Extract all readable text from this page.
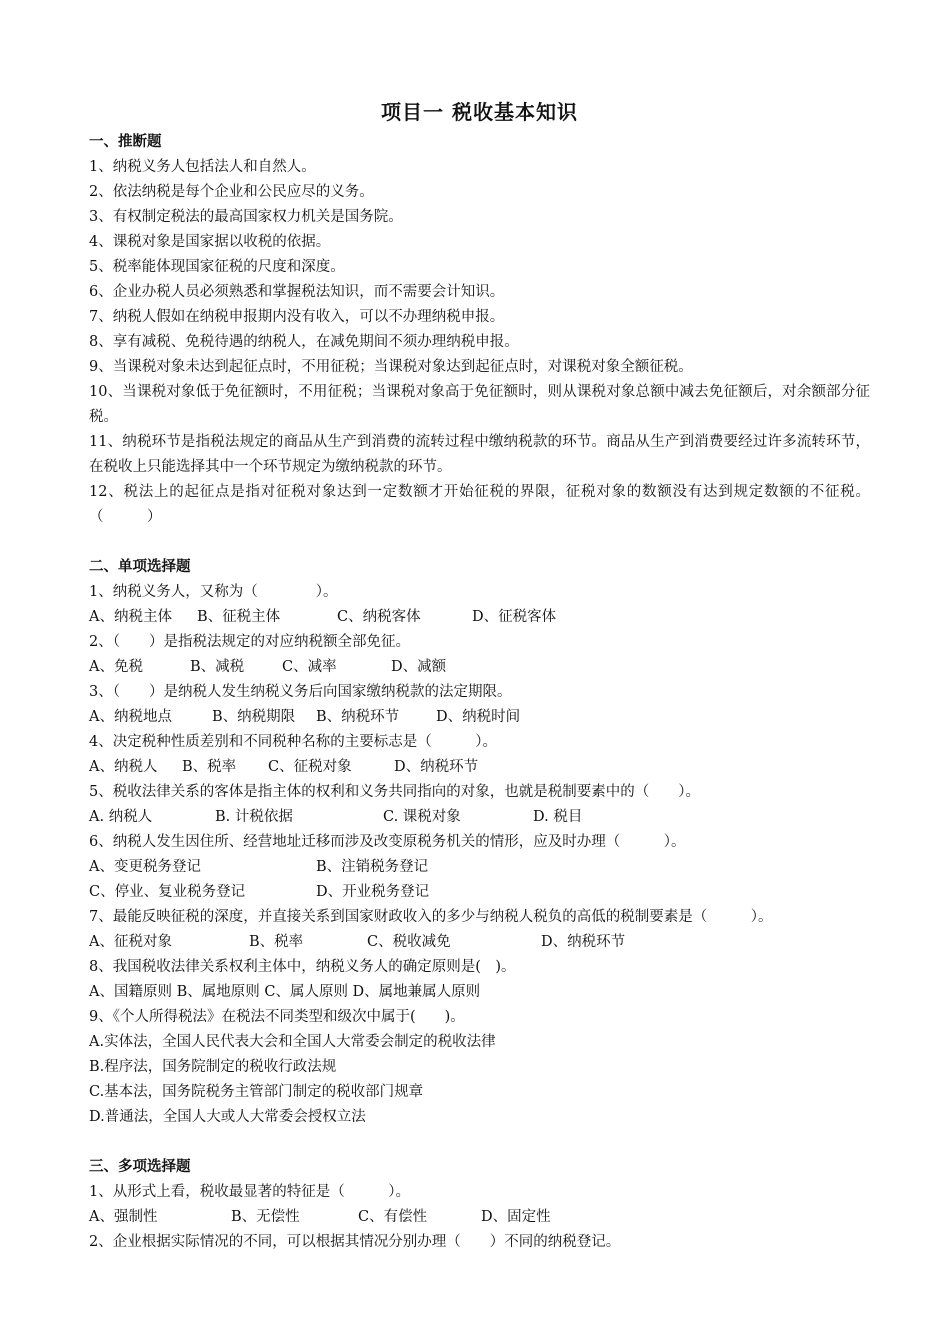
项目一 税收基本知识
一、推断题
1、纳税义务人包括法人和自然人。
2、依法纳税是每个企业和公民应尽的义务。
3、有权制定税法的最高国家权力机关是国务院。
4、课税对象是国家据以收税的依据。
5、税率能体现国家征税的尺度和深度。
6、企业办税人员必须熟悉和掌握税法知识，而不需要会计知识。
7、纳税人假如在纳税申报期内没有收入，可以不办理纳税申报。
8、享有减税、免税待遇的纳税人，在减免期间不须办理纳税申报。
9、当课税对象未达到起征点时，不用征税；当课税对象达到起征点时，对课税对象全额征税。
10、当课税对象低于免征额时，不用征税；当课税对象高于免征额时，则从课税对象总额中减去免征额后，对余额部分征税。
11、纳税环节是指税法规定的商品从生产到消费的流转过程中缴纳税款的环节。商品从生产到消费要经过许多流转环节，在税收上只能选择其中一个环节规定为缴纳税款的环节。
12、税法上的起征点是指对征税对象达到一定数额才开始征税的界限，征税对象的数额没有达到规定数额的不征税。（　　　）
二、单项选择题
1、纳税义务人，又称为（　　　　）。
A、纳税主体	B、征税主体	C、纳税客体	D、征税客体
2、（　　）是指税法规定的对应纳税额全部免征。
A、免税	B、减税	C、减率	D、减额
3、（　　）是纳税人发生纳税义务后向国家缴纳税款的法定期限。
A、纳税地点	B、纳税期限	B、纳税环节	D、纳税时间
4、决定税种性质差别和不同税种名称的主要标志是（　　　）。
A、纳税人	B、税率	C、征税对象	D、纳税环节
5、税收法律关系的客体是指主体的权利和义务共同指向的对象，也就是税制要素中的（　　）。
A. 纳税人	B. 计税依据	C. 课税对象	D. 税目
6、纳税人发生因住所、经营地址迁移而涉及改变原税务机关的情形，应及时办理（　　　）。
A、变更税务登记	B、注销税务登记
C、停业、复业税务登记	D、开业税务登记
7、最能反映征税的深度，并直接关系到国家财政收入的多少与纳税人税负的高低的税制要素是（　　　）。
A、征税对象	B、税率	C、税收减免	D、纳税环节
8、我国税收法律关系权利主体中，纳税义务人的确定原则是(　)。
A、国籍原则 B、属地原则 C、属人原则 D、属地兼属人原则
9、《个人所得税法》在税法不同类型和级次中属于(　　)。
A.实体法，全国人民代表大会和全国人大常委会制定的税收法律
B.程序法，国务院制定的税收行政法规
C.基本法，国务院税务主管部门制定的税收部门规章
D.普通法，全国人大或人大常委会授权立法
三、多项选择题
1、从形式上看，税收最显著的特征是（　　　）。
A、强制性	B、无偿性	C、有偿性	D、固定性
2、企业根据实际情况的不同，可以根据其情况分别办理（　　）不同的纳税登记。
